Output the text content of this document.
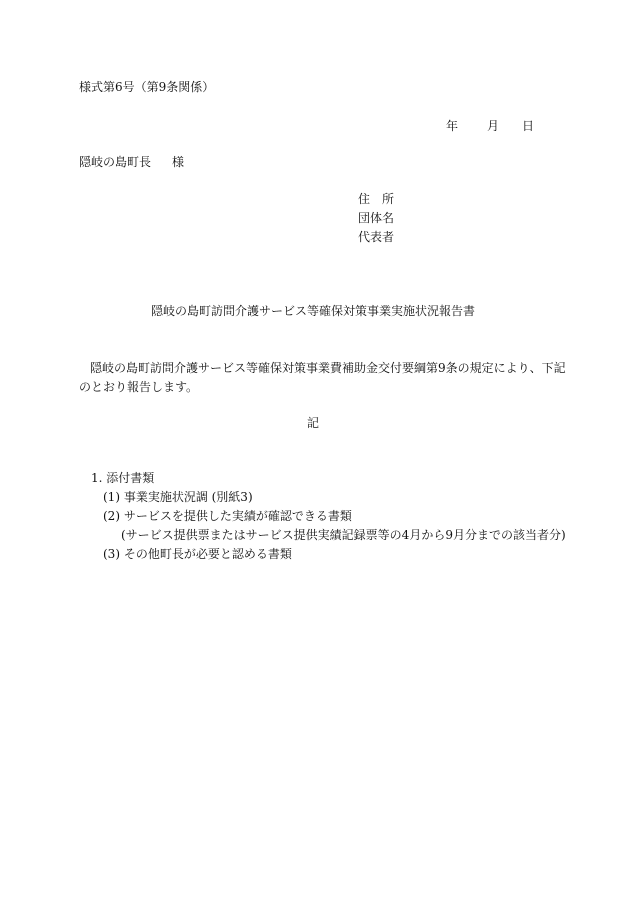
様式第6号（第9条関係）
年 月 日
隠岐の島町長 様
住　所
団体名
代表者
隠岐の島町訪問介護サービス等確保対策事業実施状況報告書
隠岐の島町訪問介護サービス等確保対策事業費補助金交付要綱第9条の規定により、下記
のとおり報告します。
記
1. 添付書類
(1) 事業実施状況調 (別紙3)
(2) サービスを提供した実績が確認できる書類
(サービス提供票またはサービス提供実績記録票等の4月から9月分までの該当者分)
(3) その他町長が必要と認める書類
